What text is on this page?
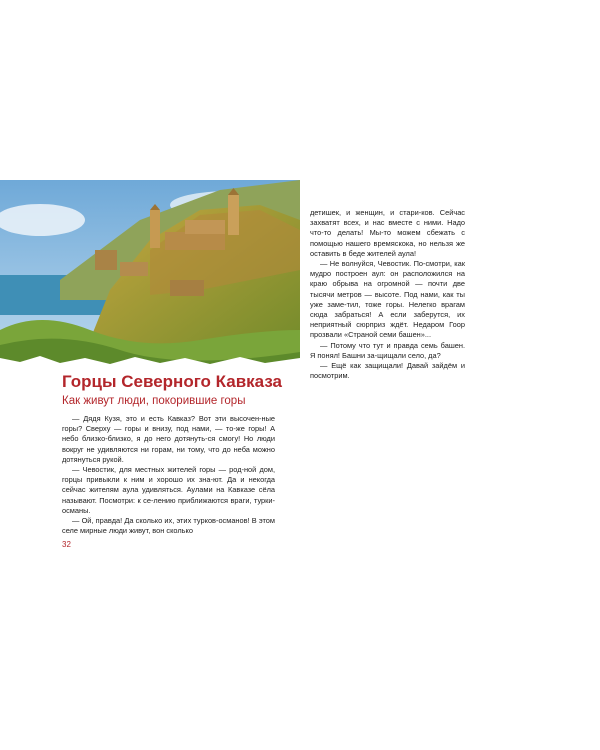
Горцы Северного Кавказа
Как живут люди, покорившие горы

— Дядя Кузя, это и есть Кавказ? Вот эти высочен-ные горы? Сверху — горы и внизу, под нами, — то-же горы! А небо близко-близко, я до него дотянуть-ся смогу! Но люди вокруг не удивляются ни горам, ни тому, что до неба можно дотянуться рукой.

— Чевостик, для местных жителей горы — род-ной дом, горцы привыкли к ним и хорошо их зна-ют. Да и некогда сейчас жителям аула удивляться. Аулами на Кавказе сёла называют. Посмотри: к се-лению приближаются враги, турки-османы.

— Ой, правда! Да сколько их, этих турков-османов! В этом селе мирные люди живут, вон сколько

32

детишек, и женщин, и стари-ков. Сейчас захватят всех, и нас вместе с ними. Надо что-то делать! Мы-то можем сбежать с помощью нашего времяскока, но нельзя же оставить в беде жителей аула!

— Не волнуйся, Чевостик. По-смотри, как мудро построен аул: он расположился на краю обрыва на огромной — почти две тысячи метров — высоте. Под нами, как ты уже заме-тил, тоже горы. Нелегко врагам сюда забраться! А если заберутся, их неприятный сюрприз ждёт. Недаром Гоор прозвали «Страной семи башен»...

— Потому что тут и правда семь башен. Я понял! Башни за-щищали село, да?

— Ещё как защищали! Давай зайдём и посмотрим.
